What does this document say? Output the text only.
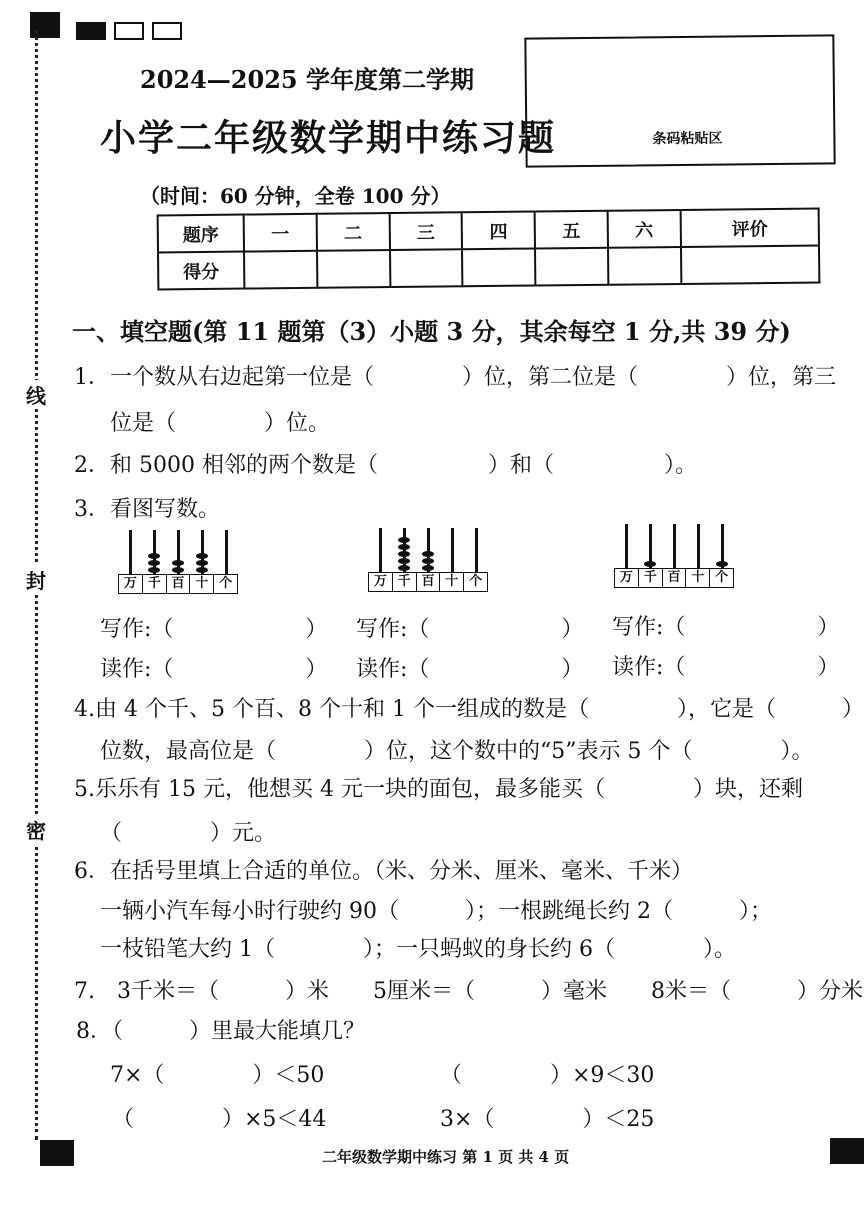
线
封
密
2024—2025 学年度第二学期
小学二年级数学期中练习题
（时间：60 分钟，全卷 100 分）
条码粘贴区
题序	一	二	三	四	五	六	评价
得分							
一、填空题(第 11 题第（3）小题 3 分，其余每空 1 分,共 39 分)
1．一个数从右边起第一位是（　　　　）位，第二位是（　　　　）位，第三
位是（　　　　）位。
2．和 5000 相邻的两个数是（　　　　　）和（　　　　　）。
3．看图写数。
万 千 百 十 个	万 千 百 十 个	万 千 百 十 个
写作:（　　　　　　） 写作:（　　　　　　） 写作:（　　　　　　）
读作:（　　　　　　） 读作:（　　　　　　） 读作:（　　　　　　）
4.由 4 个千、5 个百、8 个十和 1 个一组成的数是（　　　　），它是（　　　）
位数，最高位是（　　　　）位，这个数中的“5”表示 5 个（　　　　）。
5.乐乐有 15 元，他想买 4 元一块的面包，最多能买（　　　　）块，还剩
（　　　　）元。
6．在括号里填上合适的单位。（米、分米、厘米、毫米、千米）
一辆小汽车每小时行驶约 90（　　　）；一根跳绳长约 2（　　　）；
一枝铅笔大约 1（　　　　）；一只蚂蚁的身长约 6（　　　　）。
7.　3千米＝（　　　）米　　5厘米＝（　　　）毫米　　8米＝（　　　）分米
8．（　　　）里最大能填几？
7×（　　　　）＜50	（　　　　）×9＜30
（　　　　）×5＜44	3×（　　　　）＜25
二年级数学期中练习 第 1 页 共 4 页
